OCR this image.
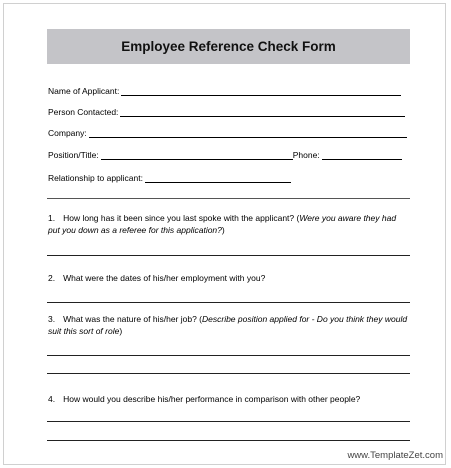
Employee Reference Check Form
Name of Applicant:
Person Contacted:
Company:
Position/Title:	Phone:
Relationship to applicant:
1. How long has it been since you last spoke with the applicant? (Were you aware they had put you down as a referee for this application?)
2. What were the dates of his/her employment with you?
3. What was the nature of his/her job? (Describe position applied for - Do you think they would suit this sort of role)
4. How would you describe his/her performance in comparison with other people?
www.TemplateZet.com
